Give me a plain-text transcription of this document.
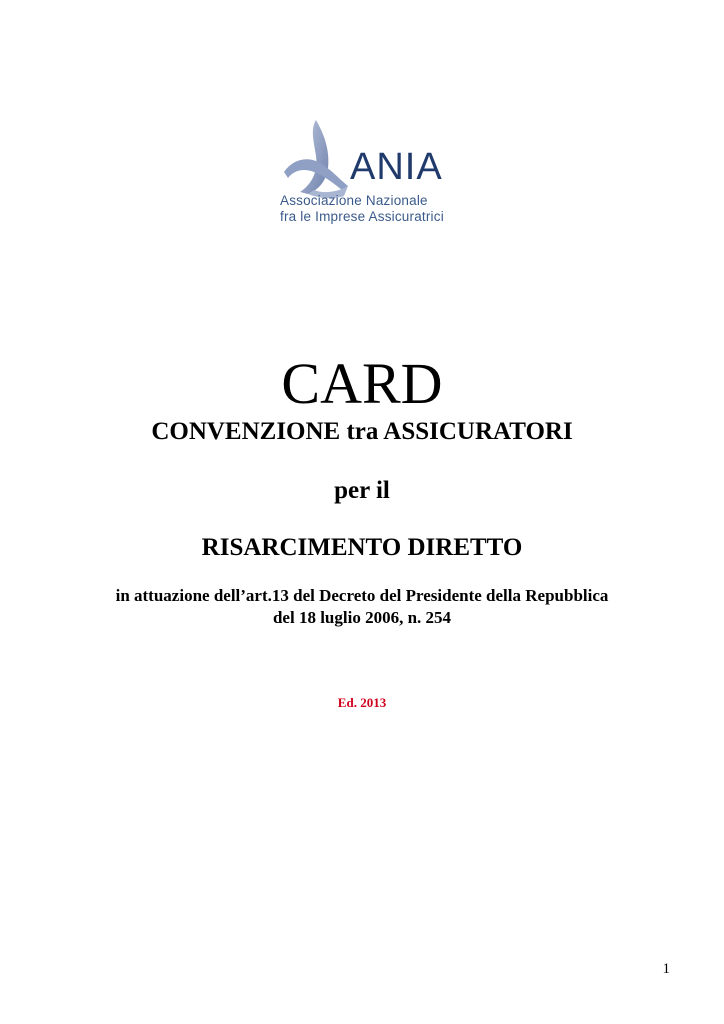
ANIA
Associazione Nazionale
fra le Imprese Assicuratrici
CARD
CONVENZIONE tra ASSICURATORI
per il
RISARCIMENTO DIRETTO
in attuazione dell’art.13 del Decreto del Presidente della Repubblica
del 18 luglio 2006, n. 254
Ed. 2013
1
